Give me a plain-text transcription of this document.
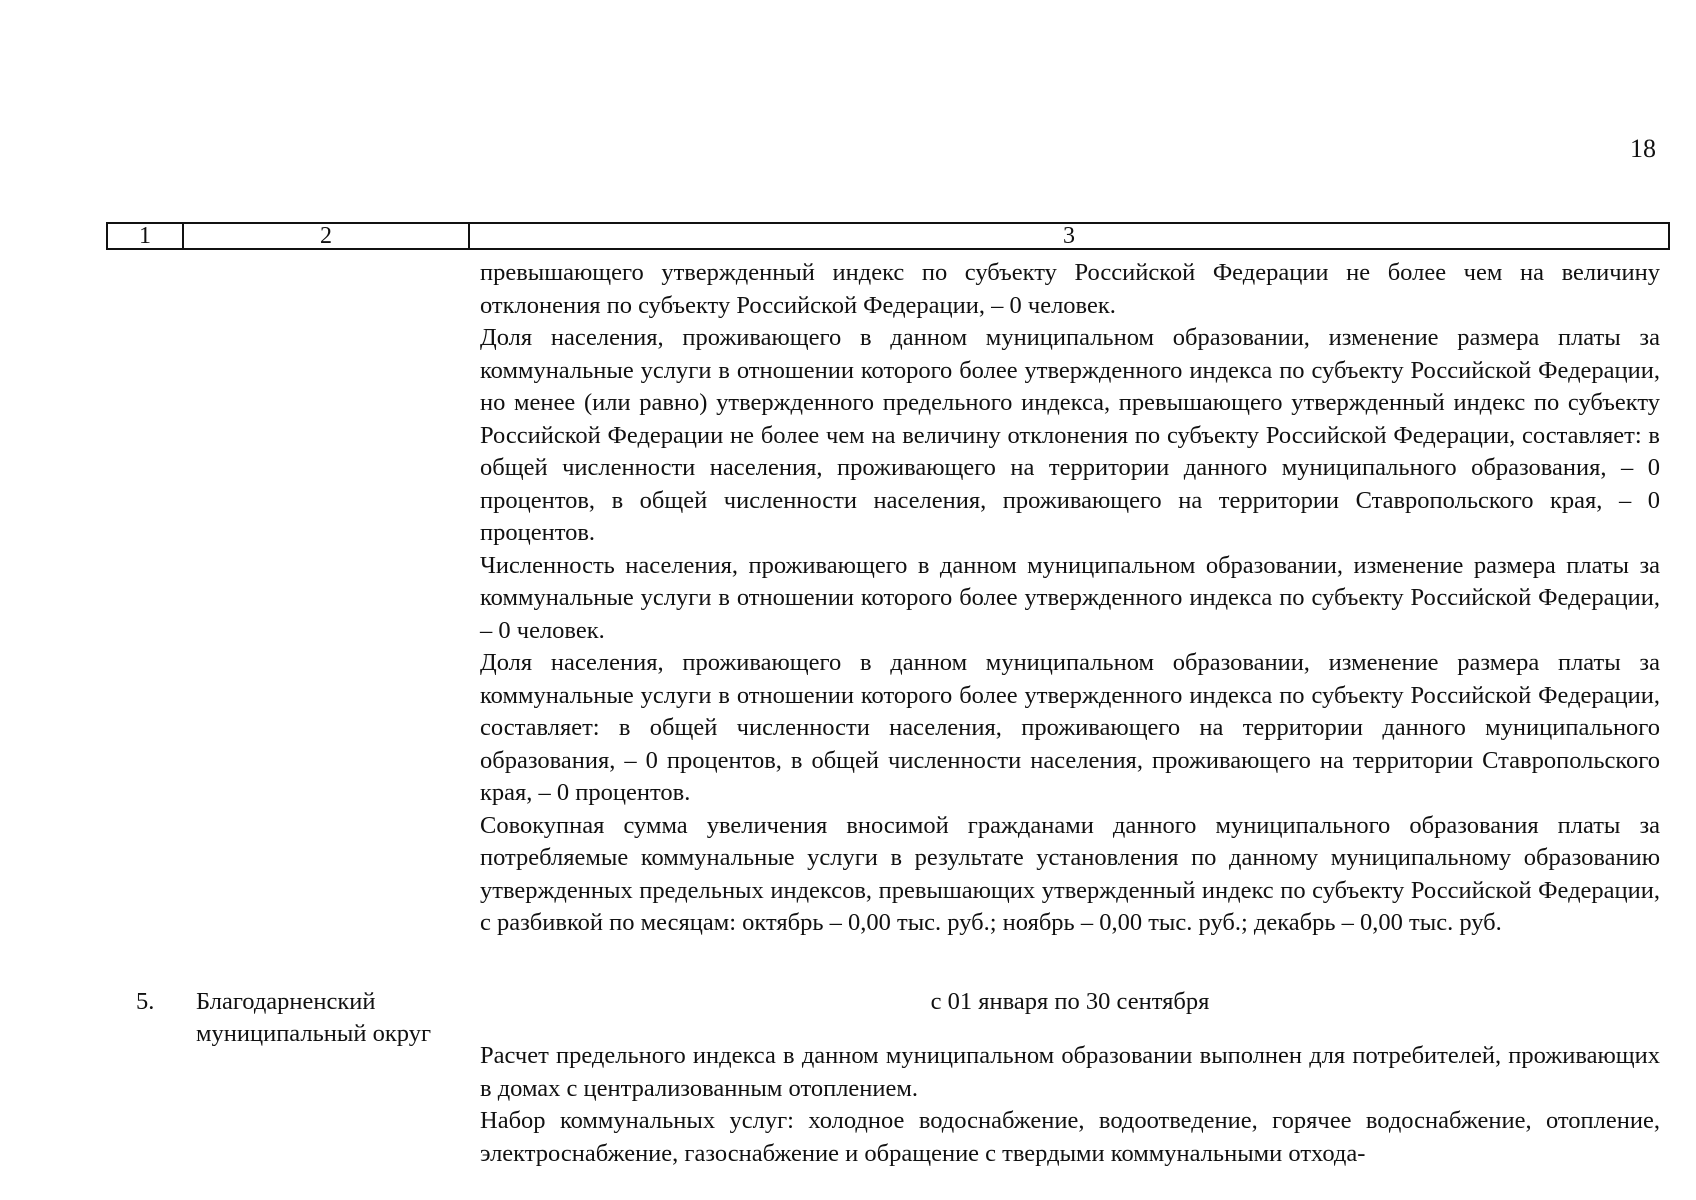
18
1	2	3

превышающего утвержденный индекс по субъекту Российской Федерации не более чем на величину отклонения по субъекту Российской Федерации, – 0 человек.

Доля населения, проживающего в данном муниципальном образовании, изменение размера платы за коммунальные услуги в отношении которого более утвержденного индекса по субъекту Российской Федерации, но менее (или равно) утвержденного предельного индекса, превышающего утвержденный индекс по субъекту Российской Федерации не более чем на величину отклонения по субъекту Российской Федерации, составляет: в общей численности населения, проживающего на территории данного муниципального образования, – 0 процентов, в общей численности населения, проживающего на территории Ставропольского края, – 0 процентов.

Численность населения, проживающего в данном муниципальном образовании, изменение размера платы за коммунальные услуги в отношении которого более утвержденного индекса по субъекту Российской Федерации, – 0 человек.

Доля населения, проживающего в данном муниципальном образовании, изменение размера платы за коммунальные услуги в отношении которого более утвержденного индекса по субъекту Российской Федерации, составляет: в общей численности населения, проживающего на территории данного муниципального образования, – 0 процентов, в общей численности населения, проживающего на территории Ставропольского края, – 0 процентов.

Совокупная сумма увеличения вносимой гражданами данного муниципального образования платы за потребляемые коммунальные услуги в результате установления по данному муниципальному образованию утвержденных предельных индексов, превышающих утвержденный индекс по субъекту Российской Федерации, с разбивкой по месяцам: октябрь – 0,00 тыс. руб.; ноябрь – 0,00 тыс. руб.; декабрь – 0,00 тыс. руб.

5. Благодарненский муниципальный округ
с 01 января по 30 сентября

Расчет предельного индекса в данном муниципальном образовании выполнен для потребителей, проживающих в домах с централизованным отоплением.

Набор коммунальных услуг: холодное водоснабжение, водоотведение, горячее водоснабжение, отопление, электроснабжение, газоснабжение и обращение с твердыми коммунальными отхода-
